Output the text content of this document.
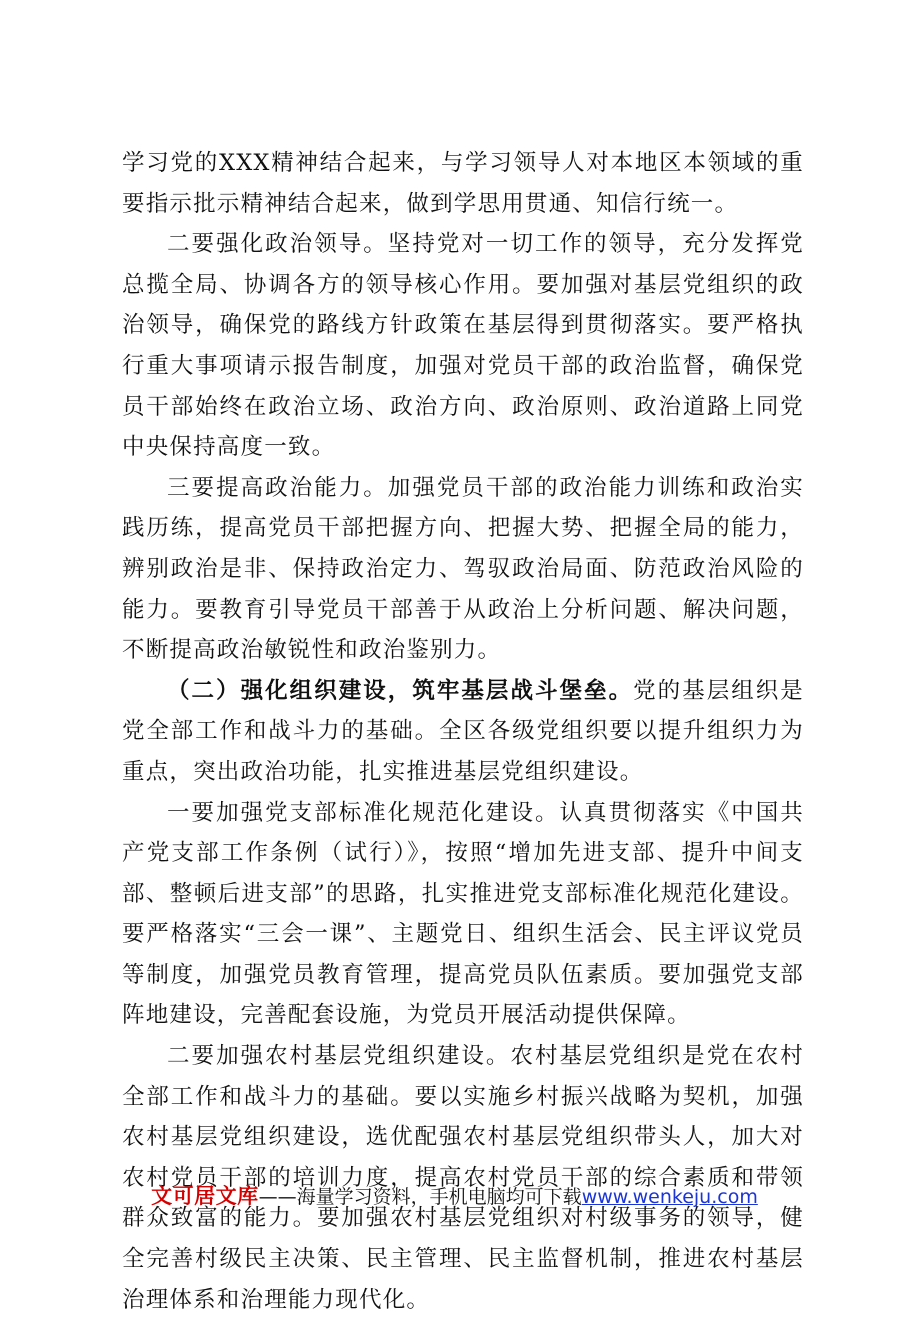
学习党的XXX精神结合起来，与学习领导人对本地区本领域的重要指示批示精神结合起来，做到学思用贯通、知信行统一。

二要强化政治领导。坚持党对一切工作的领导，充分发挥党总揽全局、协调各方的领导核心作用。要加强对基层党组织的政治领导，确保党的路线方针政策在基层得到贯彻落实。要严格执行重大事项请示报告制度，加强对党员干部的政治监督，确保党员干部始终在政治立场、政治方向、政治原则、政治道路上同党中央保持高度一致。

三要提高政治能力。加强党员干部的政治能力训练和政治实践历练，提高党员干部把握方向、把握大势、把握全局的能力，辨别政治是非、保持政治定力、驾驭政治局面、防范政治风险的能力。要教育引导党员干部善于从政治上分析问题、解决问题，不断提高政治敏锐性和政治鉴别力。

（二）强化组织建设，筑牢基层战斗堡垒。党的基层组织是党全部工作和战斗力的基础。全区各级党组织要以提升组织力为重点，突出政治功能，扎实推进基层党组织建设。

一要加强党支部标准化规范化建设。认真贯彻落实《中国共产党支部工作条例（试行）》，按照“增加先进支部、提升中间支部、整顿后进支部”的思路，扎实推进党支部标准化规范化建设。要严格落实“三会一课”、主题党日、组织生活会、民主评议党员等制度，加强党员教育管理，提高党员队伍素质。要加强党支部阵地建设，完善配套设施，为党员开展活动提供保障。

二要加强农村基层党组织建设。农村基层党组织是党在农村全部工作和战斗力的基础。要以实施乡村振兴战略为契机，加强农村基层党组织建设，选优配强农村基层党组织带头人，加大对农村党员干部的培训力度，提高农村党员干部的综合素质和带领群众致富的能力。要加强农村基层党组织对村级事务的领导，健全完善村级民主决策、民主管理、民主监督机制，推进农村基层治理体系和治理能力现代化。

文可居文库——海量学习资料，手机电脑均可下载www.wenkeju.com
